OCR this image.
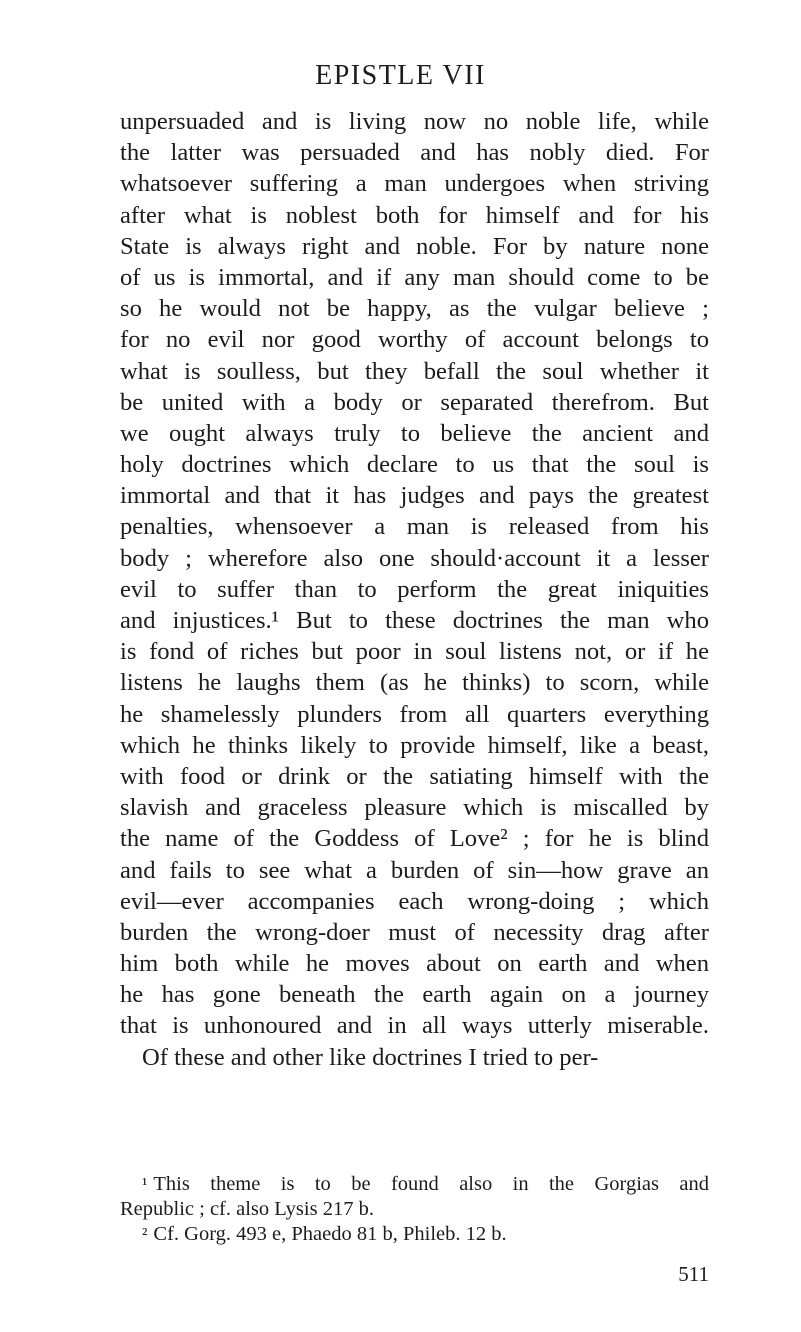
EPISTLE VII
unpersuaded and is living now no noble life, while
the latter was persuaded and has nobly died. For
whatsoever suffering a man undergoes when striving
after what is noblest both for himself and for his
State is always right and noble. For by nature none
of us is immortal, and if any man should come to be
so he would not be happy, as the vulgar believe ;
for no evil nor good worthy of account belongs to
what is soulless, but they befall the soul whether it
be united with a body or separated therefrom. But
we ought always truly to believe the ancient and
holy doctrines which declare to us that the soul is
immortal and that it has judges and pays the greatest
penalties, whensoever a man is released from his
body ; wherefore also one should·account it a lesser
evil to suffer than to perform the great iniquities
and injustices.¹ But to these doctrines the man who
is fond of riches but poor in soul listens not, or if he
listens he laughs them (as he thinks) to scorn, while
he shamelessly plunders from all quarters everything
which he thinks likely to provide himself, like a beast,
with food or drink or the satiating himself with the
slavish and graceless pleasure which is miscalled by
the name of the Goddess of Love² ; for he is blind
and fails to see what a burden of sin—how grave an
evil—ever accompanies each wrong-doing ; which
burden the wrong-doer must of necessity drag after
him both while he moves about on earth and when
he has gone beneath the earth again on a journey
that is unhonoured and in all ways utterly miserable.
Of these and other like doctrines I tried to per-
¹ This theme is to be found also in the Gorgias and
Republic ; cf. also Lysis 217 b.
² Cf. Gorg. 493 e, Phaedo 81 b, Phileb. 12 b.
511
